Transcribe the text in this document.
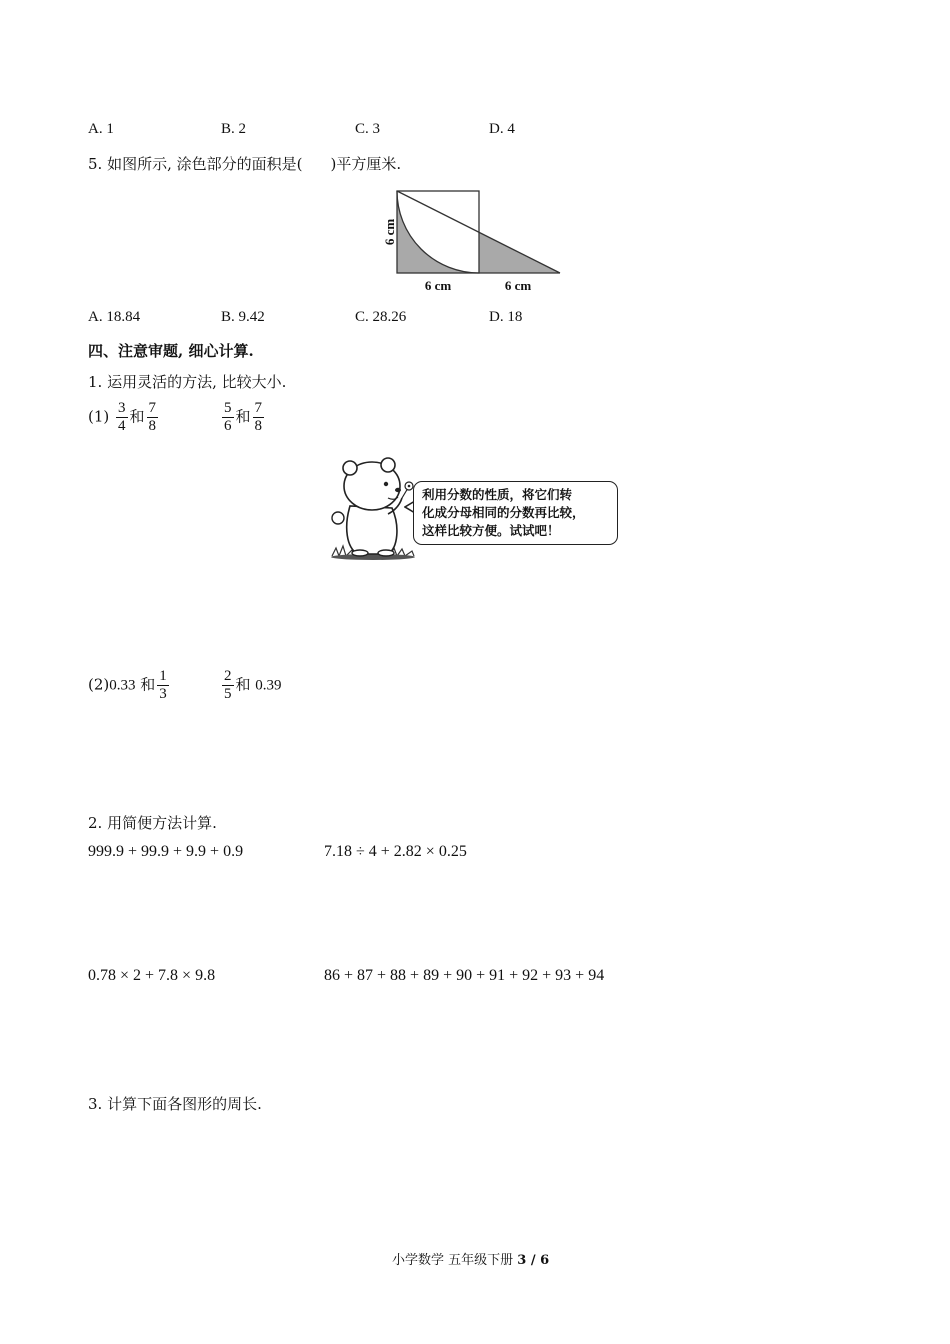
A. 1	B. 2	C. 3	D. 4
5. 如图所示, 涂色部分的面积是( )平方厘米.
6 cm
6 cm	6 cm
A. 18.84	B. 9.42	C. 28.26	D. 18
四、注意审题, 细心计算.
1. 运用灵活的方法, 比较大小.
$(1) \frac{3}{4}$ 和 $\frac{7}{8}$	$\frac{5}{6}$ 和 $\frac{7}{8}$
利用分数的性质，将它们转
化成分母相同的分数再比较，
这样比较方便。试试吧！
(2)0.33 和 $\frac{1}{3}$	$\frac{2}{5}$ 和 0.39
2. 用简便方法计算.
999.9 + 99.9 + 9.9 + 0.9	7.18 ÷ 4 + 2.82 × 0.25
0.78 × 2 + 7.8 × 9.8	86 + 87 + 88 + 89 + 90 + 91 + 92 + 93 + 94
3. 计算下面各图形的周长.
小学数学 五年级下册 3 / 6
